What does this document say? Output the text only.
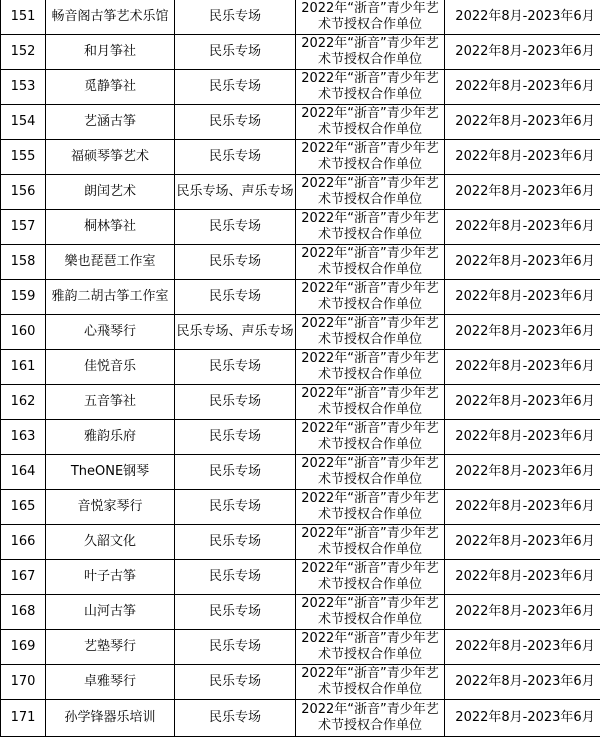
151	畅音阁古筝艺术乐馆	民乐专场	2022年“浙音”青少年艺术节授权合作单位	2022年8月-2023年6月
152	和月筝社	民乐专场	2022年“浙音”青少年艺术节授权合作单位	2022年8月-2023年6月
153	觅静筝社	民乐专场	2022年“浙音”青少年艺术节授权合作单位	2022年8月-2023年6月
154	艺涵古筝	民乐专场	2022年“浙音”青少年艺术节授权合作单位	2022年8月-2023年6月
155	福硕琴筝艺术	民乐专场	2022年“浙音”青少年艺术节授权合作单位	2022年8月-2023年6月
156	朗闰艺术	民乐专场、声乐专场	2022年“浙音”青少年艺术节授权合作单位	2022年8月-2023年6月
157	桐林筝社	民乐专场	2022年“浙音”青少年艺术节授权合作单位	2022年8月-2023年6月
158	樂也琵琶工作室	民乐专场	2022年“浙音”青少年艺术节授权合作单位	2022年8月-2023年6月
159	雅韵二胡古筝工作室	民乐专场	2022年“浙音”青少年艺术节授权合作单位	2022年8月-2023年6月
160	心飛琴行	民乐专场、声乐专场	2022年“浙音”青少年艺术节授权合作单位	2022年8月-2023年6月
161	佳悦音乐	民乐专场	2022年“浙音”青少年艺术节授权合作单位	2022年8月-2023年6月
162	五音筝社	民乐专场	2022年“浙音”青少年艺术节授权合作单位	2022年8月-2023年6月
163	雅韵乐府	民乐专场	2022年“浙音”青少年艺术节授权合作单位	2022年8月-2023年6月
164	TheONE钢琴	民乐专场	2022年“浙音”青少年艺术节授权合作单位	2022年8月-2023年6月
165	音悦家琴行	民乐专场	2022年“浙音”青少年艺术节授权合作单位	2022年8月-2023年6月
166	久韶文化	民乐专场	2022年“浙音”青少年艺术节授权合作单位	2022年8月-2023年6月
167	叶子古筝	民乐专场	2022年“浙音”青少年艺术节授权合作单位	2022年8月-2023年6月
168	山河古筝	民乐专场	2022年“浙音”青少年艺术节授权合作单位	2022年8月-2023年6月
169	艺塾琴行	民乐专场	2022年“浙音”青少年艺术节授权合作单位	2022年8月-2023年6月
170	卓雅琴行	民乐专场	2022年“浙音”青少年艺术节授权合作单位	2022年8月-2023年6月
171	孙学锋器乐培训	民乐专场	2022年“浙音”青少年艺术节授权合作单位	2022年8月-2023年6月
